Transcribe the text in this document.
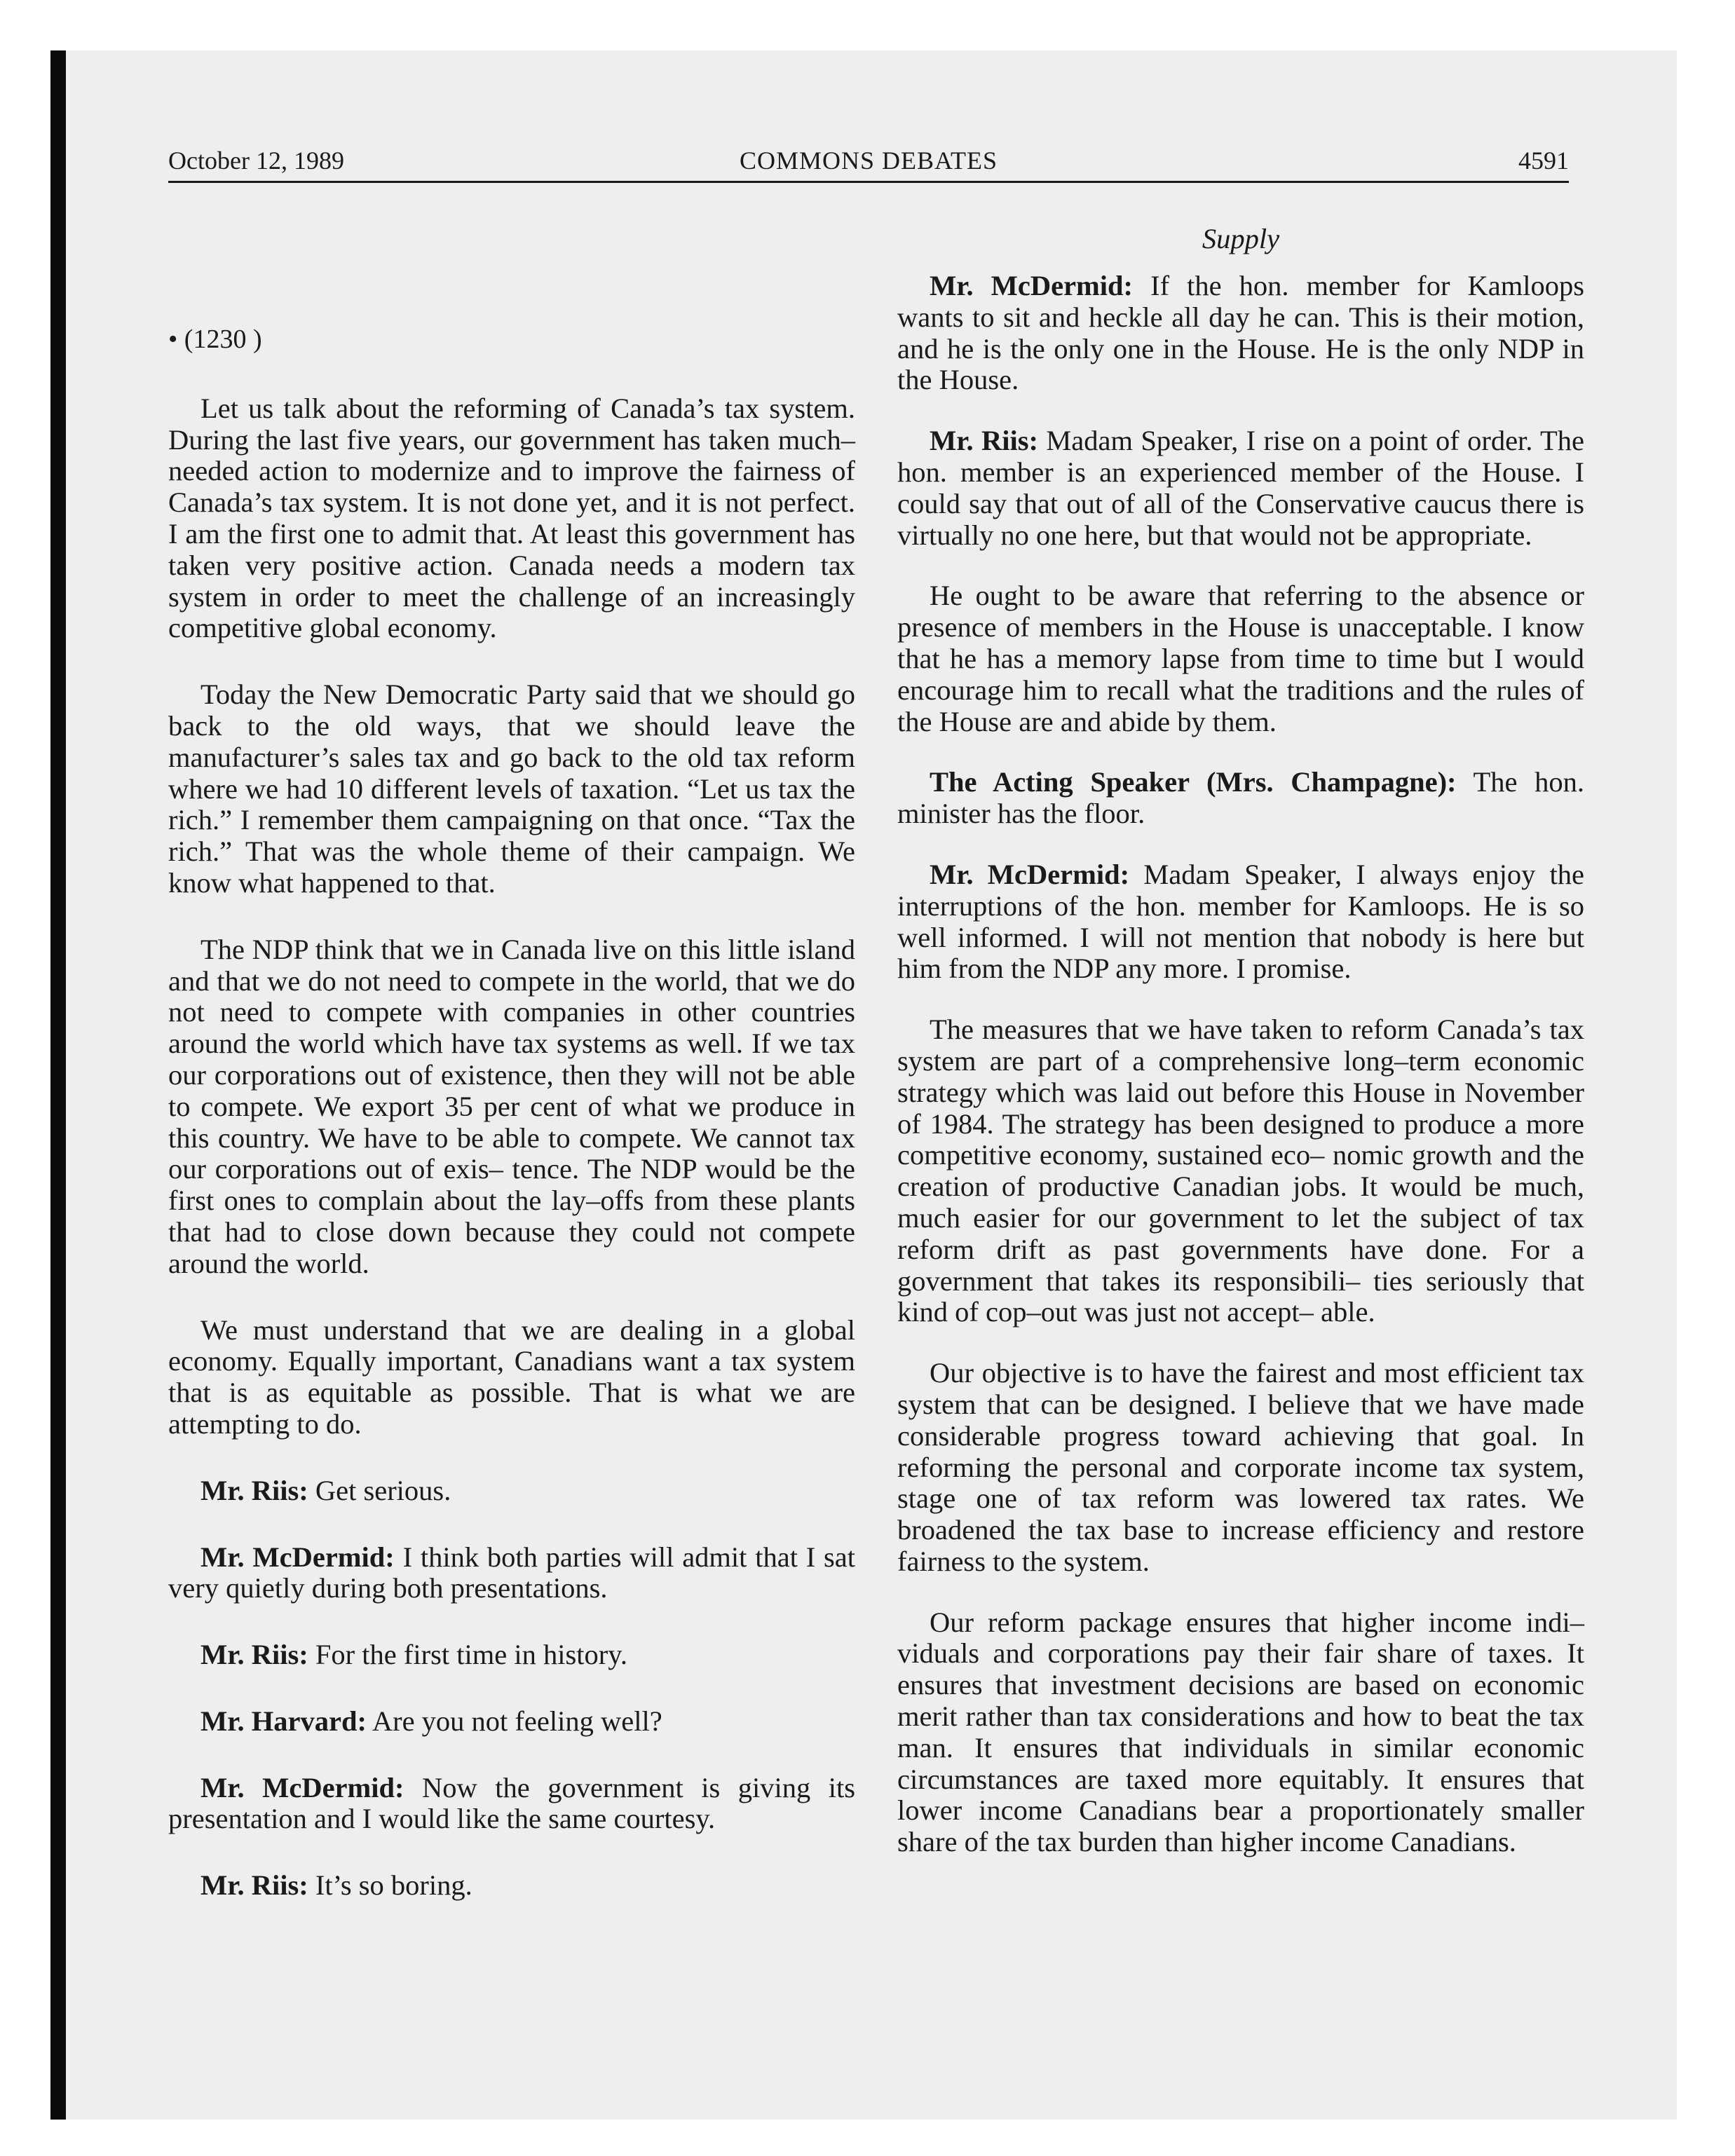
October 12, 1989	COMMONS DEBATES	4591

• (1230 )

Let us talk about the reforming of Canada’s tax system. During the last five years, our government has taken much–needed action to modernize and to improve the fairness of Canada’s tax system. It is not done yet, and it is not perfect. I am the first one to admit that. At least this government has taken very positive action. Canada needs a modern tax system in order to meet the challenge of an increasingly competitive global economy.

Today the New Democratic Party said that we should go back to the old ways, that we should leave the manufacturer’s sales tax and go back to the old tax reform where we had 10 different levels of taxation. “Let us tax the rich.” I remember them campaigning on that once. “Tax the rich.” That was the whole theme of their campaign. We know what happened to that.

The NDP think that we in Canada live on this little island and that we do not need to compete in the world, that we do not need to compete with companies in other countries around the world which have tax systems as well. If we tax our corporations out of existence, then they will not be able to compete. We export 35 per cent of what we produce in this country. We have to be able to compete. We cannot tax our corporations out of exis– tence. The NDP would be the first ones to complain about the lay–offs from these plants that had to close down because they could not compete around the world.

We must understand that we are dealing in a global economy. Equally important, Canadians want a tax system that is as equitable as possible. That is what we are attempting to do.

Mr. Riis: Get serious.

Mr. McDermid: I think both parties will admit that I sat very quietly during both presentations.

Mr. Riis: For the first time in history.

Mr. Harvard: Are you not feeling well?

Mr. McDermid: Now the government is giving its presentation and I would like the same courtesy.

Mr. Riis: It’s so boring.

Supply

Mr. McDermid: If the hon. member for Kamloops wants to sit and heckle all day he can. This is their motion, and he is the only one in the House. He is the only NDP in the House.

Mr. Riis: Madam Speaker, I rise on a point of order. The hon. member is an experienced member of the House. I could say that out of all of the Conservative caucus there is virtually no one here, but that would not be appropriate.

He ought to be aware that referring to the absence or presence of members in the House is unacceptable. I know that he has a memory lapse from time to time but I would encourage him to recall what the traditions and the rules of the House are and abide by them.

The Acting Speaker (Mrs. Champagne): The hon. minister has the floor.

Mr. McDermid: Madam Speaker, I always enjoy the interruptions of the hon. member for Kamloops. He is so well informed. I will not mention that nobody is here but him from the NDP any more. I promise.

The measures that we have taken to reform Canada’s tax system are part of a comprehensive long–term economic strategy which was laid out before this House in November of 1984. The strategy has been designed to produce a more competitive economy, sustained eco– nomic growth and the creation of productive Canadian jobs. It would be much, much easier for our government to let the subject of tax reform drift as past governments have done. For a government that takes its responsibili– ties seriously that kind of cop–out was just not accept– able.

Our objective is to have the fairest and most efficient tax system that can be designed. I believe that we have made considerable progress toward achieving that goal. In reforming the personal and corporate income tax system, stage one of tax reform was lowered tax rates. We broadened the tax base to increase efficiency and restore fairness to the system.

Our reform package ensures that higher income indi– viduals and corporations pay their fair share of taxes. It ensures that investment decisions are based on economic merit rather than tax considerations and how to beat the tax man. It ensures that individuals in similar economic circumstances are taxed more equitably. It ensures that lower income Canadians bear a proportionately smaller share of the tax burden than higher income Canadians.
